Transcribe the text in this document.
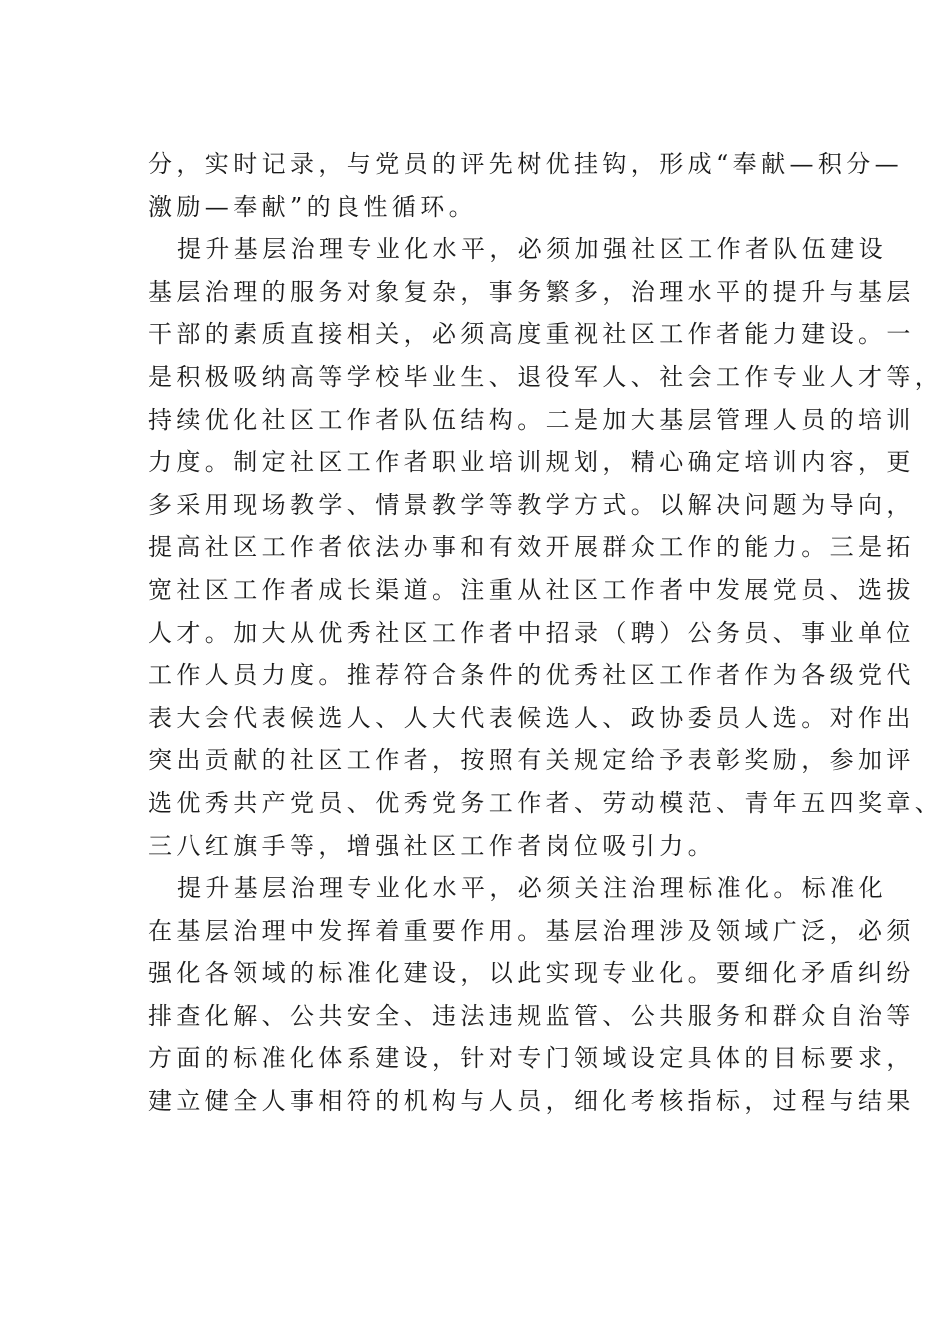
分，实时记录，与党员的评先树优挂钩，形成“奉献—积分—
激励—奉献”的良性循环。
提升基层治理专业化水平，必须加强社区工作者队伍建设
基层治理的服务对象复杂，事务繁多，治理水平的提升与基层
干部的素质直接相关，必须高度重视社区工作者能力建设。一
是积极吸纳高等学校毕业生、退役军人、社会工作专业人才等，
持续优化社区工作者队伍结构。二是加大基层管理人员的培训
力度。制定社区工作者职业培训规划，精心确定培训内容，更
多采用现场教学、情景教学等教学方式。以解决问题为导向，
提高社区工作者依法办事和有效开展群众工作的能力。三是拓
宽社区工作者成长渠道。注重从社区工作者中发展党员、选拔
人才。加大从优秀社区工作者中招录（聘）公务员、事业单位
工作人员力度。推荐符合条件的优秀社区工作者作为各级党代
表大会代表候选人、人大代表候选人、政协委员人选。对作出
突出贡献的社区工作者，按照有关规定给予表彰奖励，参加评
选优秀共产党员、优秀党务工作者、劳动模范、青年五四奖章、
三八红旗手等，增强社区工作者岗位吸引力。
提升基层治理专业化水平，必须关注治理标准化。标准化
在基层治理中发挥着重要作用。基层治理涉及领域广泛，必须
强化各领域的标准化建设，以此实现专业化。要细化矛盾纠纷
排查化解、公共安全、违法违规监管、公共服务和群众自治等
方面的标准化体系建设，针对专门领域设定具体的目标要求，
建立健全人事相符的机构与人员，细化考核指标，过程与结果
